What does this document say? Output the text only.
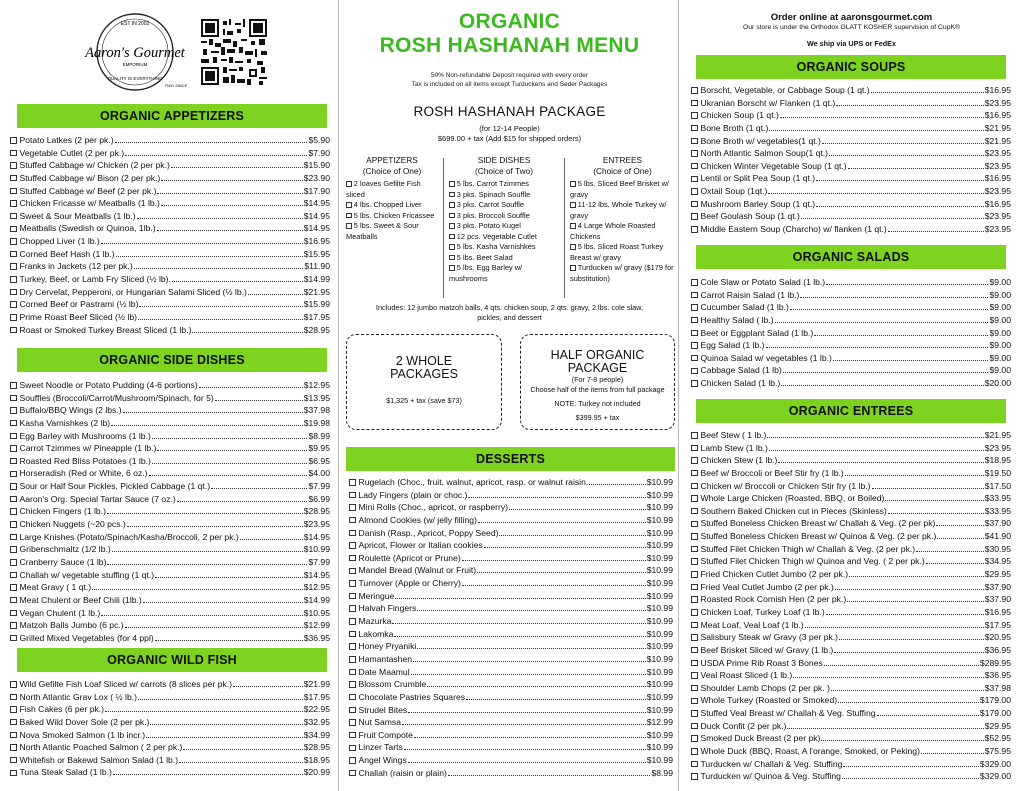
EST IN 2002
Aaron's Gourmet
EMPORIUM
QUALITY IS EVERYTHING
TWO SINCE
ORGANIC APPETIZERS
Potato Latkes (2 per pk.)	$5.90
Vegetable Cutlet (2 per pk.)	$7.90
Stuffed Cabbage w/ Chicken (2 per pk.)	$15.90
Stuffed Cabbage w/ Bison (2 per pk.)	$23.90
Stuffed Cabbage w/ Beef (2 per pk.)	$17.90
Chicken Fricasse w/ Meatballs (1 lb.)	$14.95
Sweet & Sour Meatballs (1 lb.)	$14.95
Meatballs (Swedish or Quinoa, 1lb.)	$14.95
Chopped Liver (1 lb.)	$16.95
Corned Beef Hash (1 lb.)	$15.95
Franks in Jackets (12 per pk.)	$11.90
Turkey, Beef, or Lamb Fry Sliced (½ lb).	$14.99
Dry Cervelat, Pepperoni, or Hungarian Salami Sliced (½ lb.)	$21.95
Corned Beef or Pastrami (½ lb)	$15.99
Prime Roast Beef Sliced (½ lb)	$17.95
Roast or Smoked Turkey Breast Sliced (1 lb.)	$28.95
ORGANIC SIDE DISHES
Sweet Noodle or Potato Pudding (4-6 portions)	$12.95
Souffles (Broccoli/Carrot/Mushroom/Spinach, for 5)	$13.95
Buffalo/BBQ Wings (2 lbs.)	$37.98
Kasha Varnishkes (2 lb)	$19.98
Egg Barley with Mushrooms (1 lb.)	$8.99
Carrot Tzimmes w/ Pineapple (1 lb.)	$9.95
Roasted Red Bliss Potatoes (1 lb.)	$6.95
Horseradish (Red or White, 6 oz.)	$4.00
Sour or Half Sour Pickles, Pickled Cabbage (1 qt.)	$7.99
Aaron's Org. Special Tartar Sauce (7 oz.)	$6.99
Chicken Fingers (1 lb.)	$28.95
Chicken Nuggets (~20 pcs.)	$23.95
Large Knishes (Potato/Spinach/Kasha/Broccoli, 2 per pk.)	$14.95
Gribenschmaltz (1/2 lb.)	$10.99
Cranberry Sauce (1 lb)	$7.99
Challah w/ vegetable stuffing (1 qt.)	$14.95
Meat Gravy ( 1 qt.)	$12.95
Meat Chulent or Beef Chili (1lb.)	$14.99
Vegan Chulent (1 lb.)	$10.95
Matzoh Balls Jumbo (6 pc.)	$12.99
Grilled Mixed Vegetables (for 4 ppl)	$36.95
ORGANIC WILD FISH
Wild Gefilte Fish Loaf Sliced w/ carrots (8 slices per pk.)	$21.99
North Atlantic Grav Lox ( ½ lb.)	$17.95
Fish Cakes (6 per pk.)	$22.95
Baked Wild Dover Sole (2 per pk.)	$32.95
Nova Smoked Salmon (1 lb incr.)	$34.99
North Atlantic Poached Salmon ( 2 per pk.)	$28.95
Whitefish or Bakewd Salmon Salad (1 lb.)	$18.95
Tuna Steak Salad (1 lb.)	$20.99
ORGANIC
ROSH HASHANAH MENU
50% Non-refundable Deposit required with every order
Tax is included on all items except Turduckens and Seder Packages
ROSH HASHANAH PACKAGE
(for 12-14 People)
$699.00 + tax (Add $15 for shipped orders)
APPETIZERS
(Choice of One)
2 loaves Gefilte Fish sliced
4 lbs. Chopped Liver
5 lbs. Chicken Fricassee
5 lbs. Sweet & Sour Meatballs
SIDE DISHES
(Choice of Two)
5 lbs. Carrot Tzimmes
3 pks. Spinach Souffle
3 pks. Carrot Souffle
3 pks. Broccoli Souffle
3 pks. Potato Kugel
12 pcs. Vegetable Cutlet
5 lbs. Kasha Varnishkes
5 lbs. Beet Salad
5 lbs. Egg Barley w/ mushrooms
ENTREES
(Choice of One)
5 lbs. Sliced Beef Brisket w/ gravy
11-12 lbs. Whole Turkey w/ gravy
4 Large Whole Roasted Chickens
5 lbs. Sliced Roast Turkey Breast w/ gravy
Turducken w/ gravy ($179 for substitution)
Includes: 12 jumbo matzoh balls, 4 qts. chicken soup, 2 qts. gravy, 2 lbs. cole slaw, pickles, and dessert
2 WHOLE
PACKAGES
$1,325 + tax (save $73)
HALF ORGANIC
PACKAGE
(For 7-8 people)
Choose half of the items from full package
NOTE: Turkey not included
$399.95 + tax
DESSERTS
Rugelach (Choc., fruit, walnut, apricot, rasp. or walnut raisin.	$10.99
Lady Fingers (plain or choc.)	$10.99
Mini Rolls (Choc., apricot, or raspberry)	$10.99
Almond Cookies (w/ jelly filling)	$10.99
Danish (Rasp., Apricot, Poppy Seed)	$10.99
Apricot, Flower or Italian cookies	$10.99
Roulette (Apricot or Prune)	$10.99
Mandel Bread (Walnut or Fruit)	$10.99
Turnover (Apple or Cherry)	$10.99
Meringue	$10.99
Halvah Fingers	$10.99
Mazurka	$10.99
Lakomka	$10.99
Honey Pryaniki	$10.99
Hamantashen	$10.99
Date Maamul	$10.99
Blossom Crumble	$10.99
Chocolate Pastries Squares	$10.99
Strudel Bites	$10.99
Nut Samsa	$12.99
Fruit Compote	$10.99
Linzer Tarts	$10.99
Angel Wings	$10.99
Challah (raisin or plain)	$8.99
Order online at aaronsgourmet.com
Our store is under the Orthodox GLATT KOSHER supervision of CupK®
We ship via UPS or FedEx
ORGANIC SOUPS
Borscht, Vegetable, or Cabbage Soup (1 qt.)	$16.95
Ukranian Borscht w/ Flanken (1 qt.)	$23.95
Chicken Soup (1 qt.)	$16.95
Bone Broth (1 qt.)	$21.95
Bone Broth w/ vegetables(1 qt.)	$21.95
North Atlantic Salmon Soup(1 qt.)	$23.95
Chicken Winter Vegetable Soup (1 qt.)	$23.95
Lentil or Split Pea Soup (1 qt.)	$16.95
Oxtail Soup (1qt.)	$23.95
Mushroom Barley Soup (1 qt.)	$16.95
Beef Goulash Soup (1 qt.)	$23.95
Middle Eastern Soup (Charcho) w/ flanken (1 qt.)	$23.95
ORGANIC SALADS
Cole Slaw or Potato Salad (1 lb.)	$9.00
Carrot Raisin Salad (1 lb.)	$9.00
Cucumber Salad (1 lb.)	$9.00
Healthy Salad ( lb.)	$9.00
Beet or Eggplant Salad (1 lb.)	$9.00
Egg Salad (1 lb.)	$9.00
Quinoa Salad w/ vegetables (1 lb.)	$9.00
Cabbage Salad (1 lb)	$9.00
Chicken Salad (1 lb.)	$20.00
ORGANIC ENTREES
Beef Stew ( 1 lb.)	$21.95
Lamb Stew (1 lb.)	$23.95
Chicken Stew (1 lb.)	$18.95
Beef w/ Broccoli or Beef Stir fry (1 lb.)	$19.50
Chicken w/ Broccoli or Chicken Stir fry (1 lb.)	$17.50
Whole Large Chicken (Roasted, BBQ, or Boiled)	$33.95
Southern Baked Chicken cut in Pieces (Skinless)	$33.95
Stuffed Boneless Chicken Breast w/ Challah & Veg. (2 per pk)	$37.90
Stuffed Boneless Chicken Breast w/ Quinoa & Veg. (2 per pk.)	$41.90
Stuffed Filet Chicken Thigh w/ Challah & Veg. (2 per pk.)	$30.95
Stuffed Filet Chicken Thigh w/ Quinoa and Veg. ( 2 per pk.)	$34.95
Fried Chicken Cutlet Jumbo (2 per pk.)	$29.95
Fried Veal Cutlet Jumbo (2 per pk.)	$37.90
Roasted Rock Cornish Hen (2 per pk.)	$37.90
Chicken Loaf, Turkey Loaf (1 lb.)	$16.95
Meat Loaf, Veal Loaf (1 lb.)	$17.95
Salisbury Steak w/ Gravy (3 per pk.)	$20.95
Beef Brisket Sliced w/ Gravy (1 lb.)	$36.95
USDA Prime Rib Roast 3 Bones	$289.95
Veal Roast Sliced (1 lb.)	$36.95
Shoulder Lamb Chops (2 per pk. )	$37.98
Whole Turkey (Roasted or Smoked)	$179.00
Stuffed Veal Breast w/ Challah & Veg. Stuffing	$179.00
Duck Confit (2 per pk.)	$29.95
Smoked Duck Breast (2 per pk)	$52.95
Whole Duck (BBQ, Roast, A l'orange, Smoked, or Peking)	$75.95
Turducken w/ Challah & Veg. Stuffing	$329.00
Turducken w/ Quinoa & Veg. Stuffing	$329.00
